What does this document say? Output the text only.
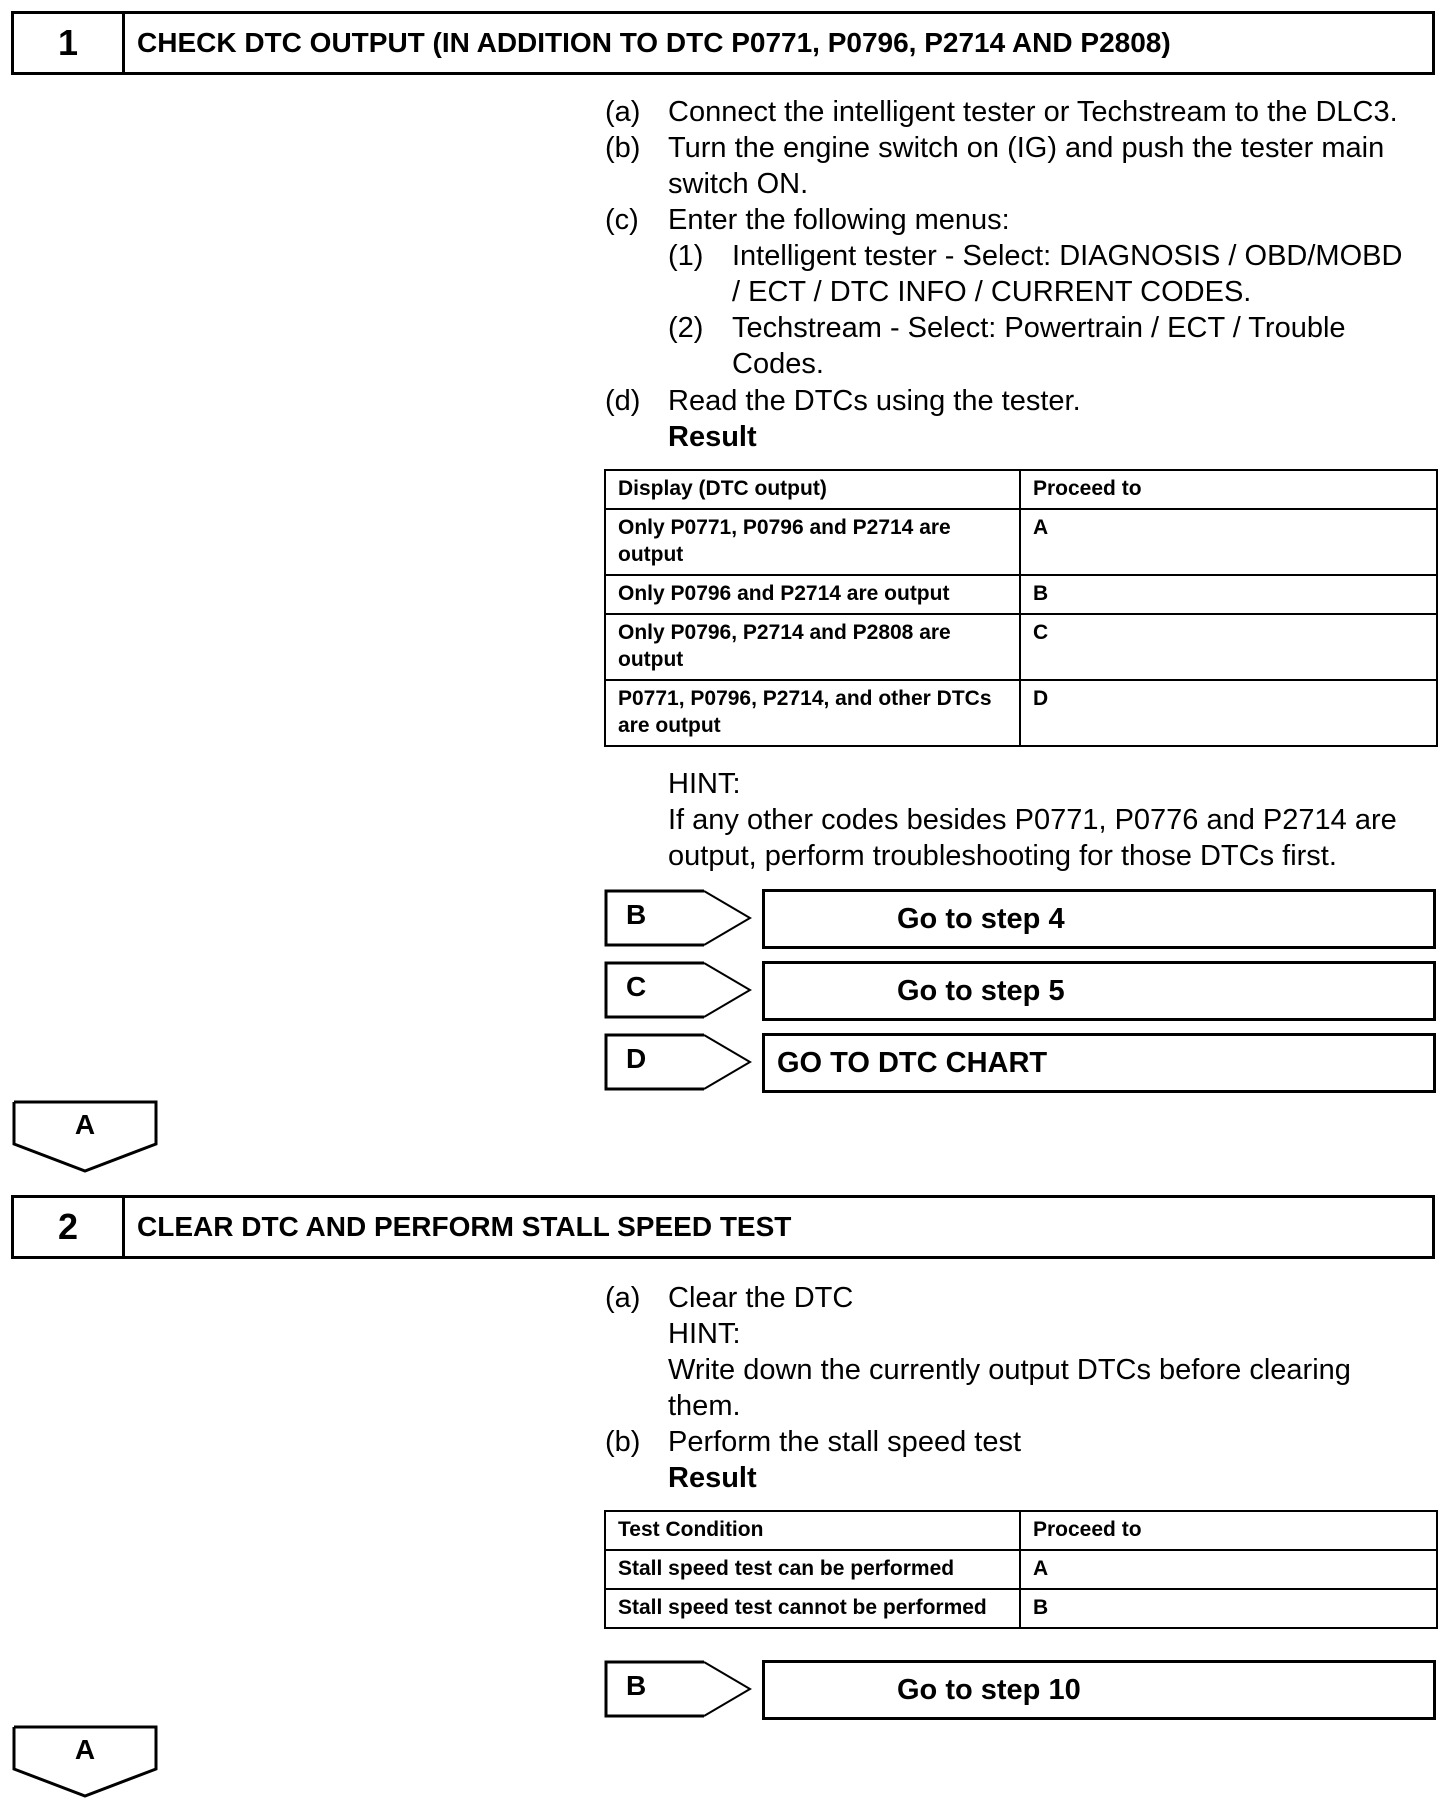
1	CHECK DTC OUTPUT (IN ADDITION TO DTC P0771, P0796, P2714 AND P2808)
(a) Connect the intelligent tester or Techstream to the DLC3.
(b) Turn the engine switch on (IG) and push the tester main
switch ON.
(c) Enter the following menus:
(1) Intelligent tester - Select: DIAGNOSIS / OBD/MOBD
/ ECT / DTC INFO / CURRENT CODES.
(2) Techstream - Select: Powertrain / ECT / Trouble
Codes.
(d) Read the DTCs using the tester.
Result
Display (DTC output)	Proceed to
Only P0771, P0796 and P2714 are output	A
Only P0796 and P2714 are output	B
Only P0796, P2714 and P2808 are output	C
P0771, P0796, P2714, and other DTCs are output	D
HINT:
If any other codes besides P0771, P0776 and P2714 are
output, perform troubleshooting for those DTCs first.
B	Go to step 4
C	Go to step 5
D	GO TO DTC CHART
A
2	CLEAR DTC AND PERFORM STALL SPEED TEST
(a) Clear the DTC
HINT:
Write down the currently output DTCs before clearing
them.
(b) Perform the stall speed test
Result
Test Condition	Proceed to
Stall speed test can be performed	A
Stall speed test cannot be performed	B
B	Go to step 10
A
